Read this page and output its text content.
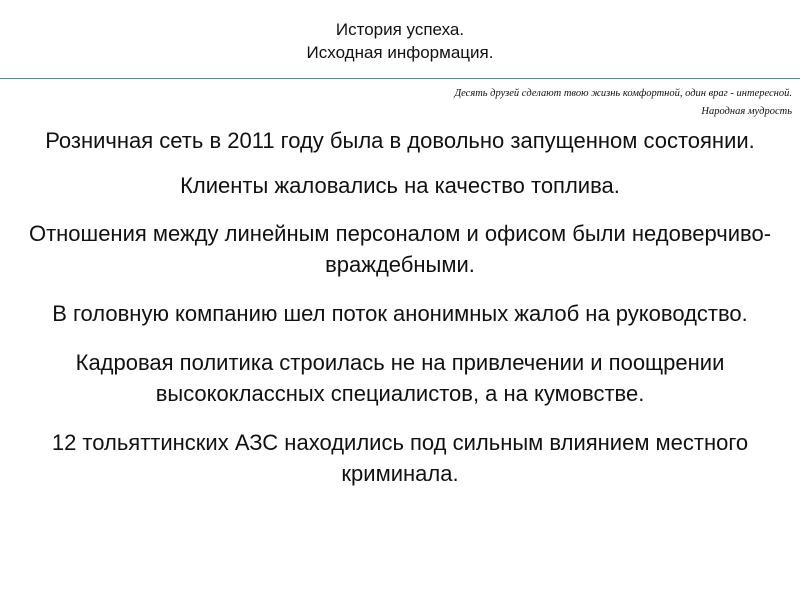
История успеха.
Исходная информация.
Десять друзей сделают твою жизнь комфортной, один враг - интересной.
Народная мудрость

Розничная сеть в 2011 году была в довольно запущенном состоянии.

Клиенты жаловались на качество топлива.

Отношения между линейным персоналом и офисом были недоверчиво-враждебными.

В головную компанию шел поток анонимных жалоб на руководство.

Кадровая политика строилась не на привлечении и поощрении высококлассных специалистов, а на кумовстве.

12 тольяттинских АЗС находились под сильным влиянием местного криминала.
